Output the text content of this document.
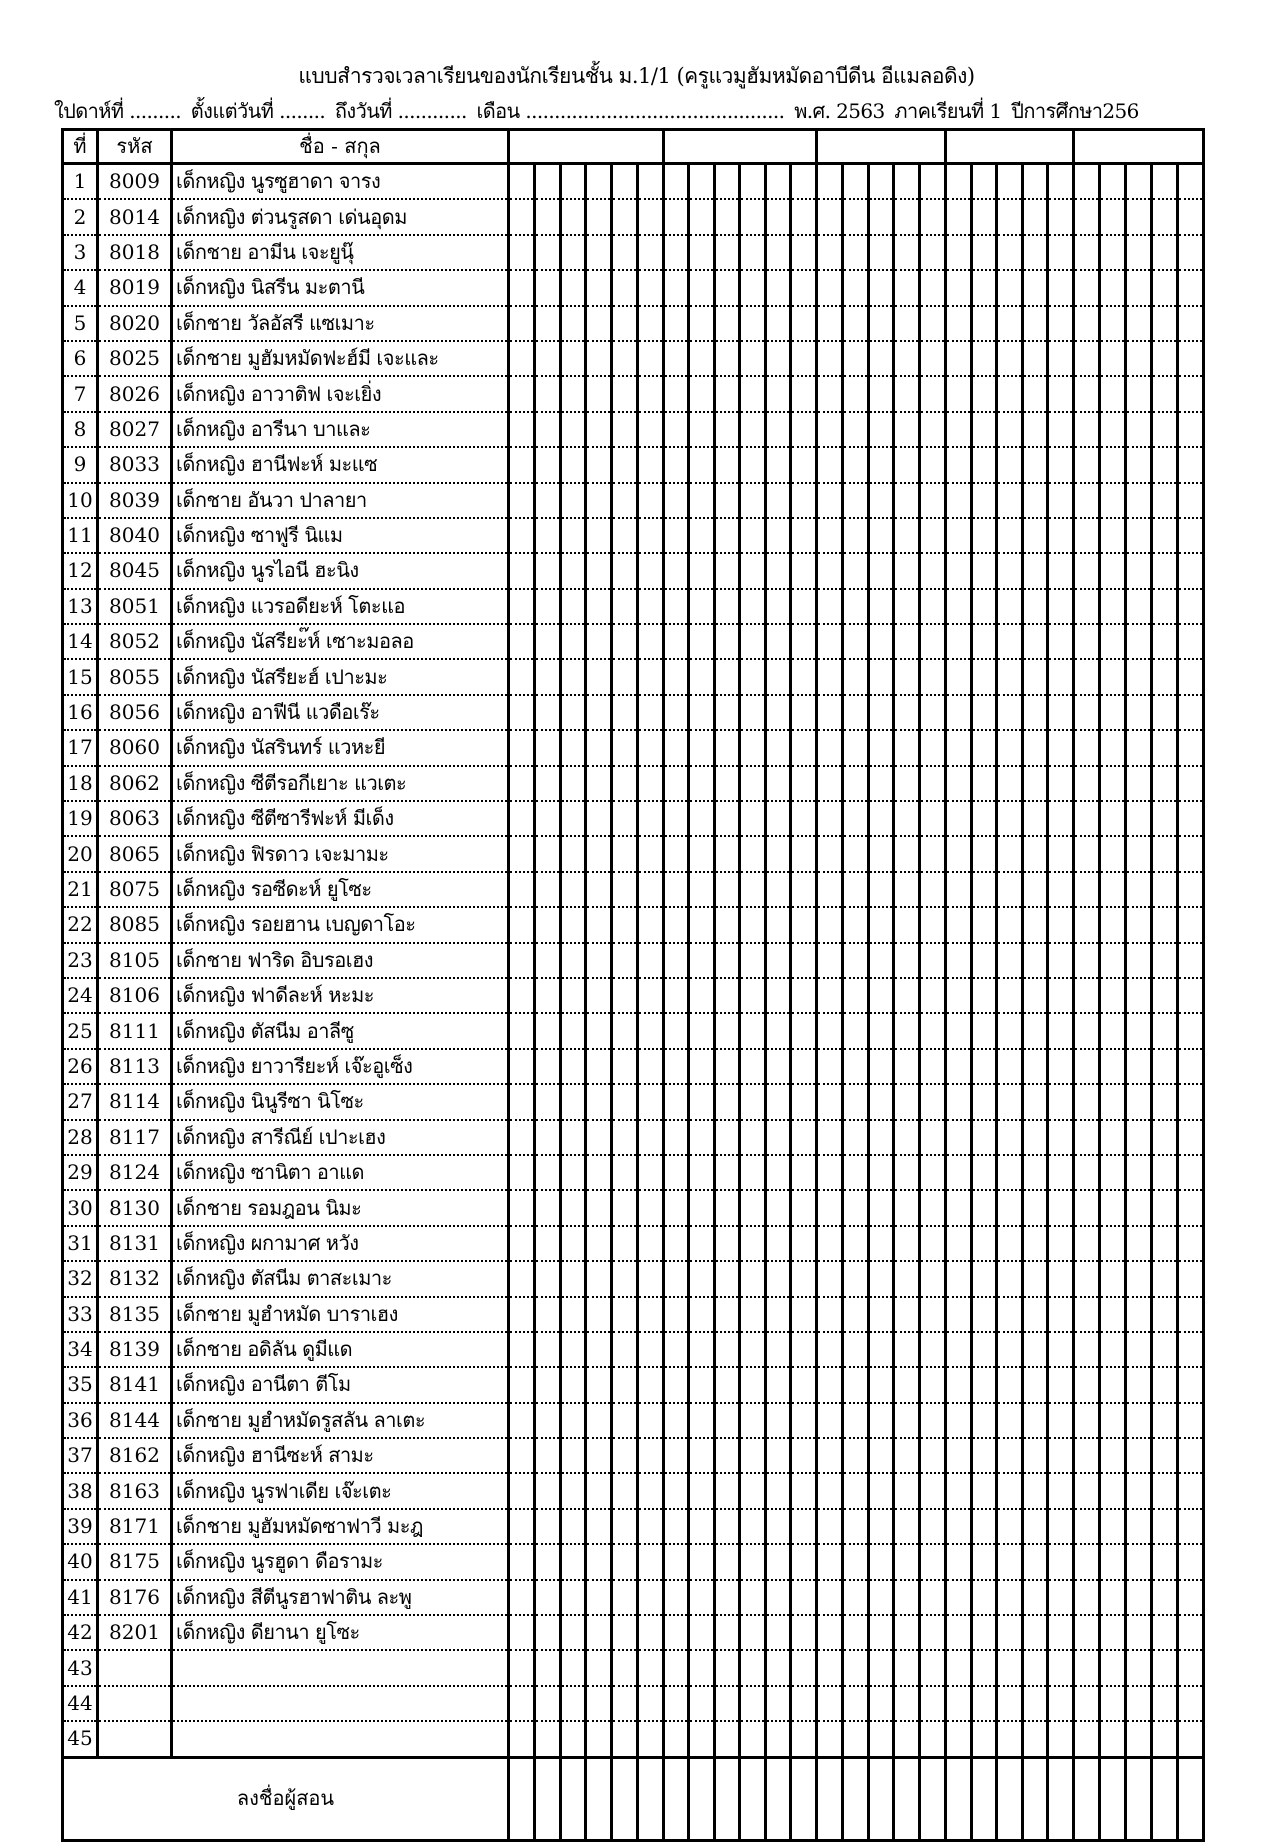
แบบสำรวจเวลาเรียนของนักเรียนชั้น ม.1/1 (ครูแวมูฮัมหมัดอาบีดีน อีแมลอดิง)
ใปดาห์ที่ ......... ตั้งแต่วันที่ ........ ถึงวันที่ ............ เดือน ............................................. พ.ศ. 2563 ภาคเรียนที่ 1 ปีการศึกษา256
ที่	รหัส	ชื่อ - สกุล																											
1	8009	เด็กหญิง นูรซูฮาดา จารง																											
2	8014	เด็กหญิง ต่วนรูสดา เด่นอุดม																											
3	8018	เด็กชาย อามีน เจะยูนุ๊																											
4	8019	เด็กหญิง นิสรีน มะตานี																											
5	8020	เด็กชาย วัลอัสรี แซเมาะ																											
6	8025	เด็กชาย มูฮัมหมัดฟะฮ์มี เจะและ																											
7	8026	เด็กหญิง อาวาติฟ เจะเยิ่ง																											
8	8027	เด็กหญิง อารีนา บาและ																											
9	8033	เด็กหญิง ฮานีฟะห์ มะแซ																											
10	8039	เด็กชาย อันวา ปาลายา																											
11	8040	เด็กหญิง ซาฟูรี นิแม																											
12	8045	เด็กหญิง นูรไอนี ฮะนิง																											
13	8051	เด็กหญิง แวรอดียะห์ โตะแอ																											
14	8052	เด็กหญิง นัสรียะ๊ห์ เซาะมอลอ																											
15	8055	เด็กหญิง นัสรียะฮ์ เปาะมะ																											
16	8056	เด็กหญิง อาฟีนี แวดือเร๊ะ																											
17	8060	เด็กหญิง นัสรินทร์ แวหะยี																											
18	8062	เด็กหญิง ซีตีรอกีเยาะ แวเตะ																											
19	8063	เด็กหญิง ซีตีซารีฟะห์ มีเด็ง																											
20	8065	เด็กหญิง ฟิรดาว เจะมามะ																											
21	8075	เด็กหญิง รอซีดะห์ ยูโซะ																											
22	8085	เด็กหญิง รอยฮาน เบญดาโอะ																											
23	8105	เด็กชาย ฟาริด อิบรอเฮง																											
24	8106	เด็กหญิง ฟาดีละห์ หะมะ																											
25	8111	เด็กหญิง ตัสนีม อาลีซู																											
26	8113	เด็กหญิง ยาวารียะห์ เจ๊ะอูเซ็ง																											
27	8114	เด็กหญิง นินูรีซา นิโซะ																											
28	8117	เด็กหญิง สารีณีย์ เปาะเฮง																											
29	8124	เด็กหญิง ซานิตา อาแด																											
30	8130	เด็กชาย รอมฎอน นิมะ																											
31	8131	เด็กหญิง ผกามาศ หวัง																											
32	8132	เด็กหญิง ตัสนีม ตาสะเมาะ																											
33	8135	เด็กชาย มูฮำหมัด บาราเฮง																											
34	8139	เด็กชาย อดิลัน ดูมีแด																											
35	8141	เด็กหญิง อานีตา ตีโม																											
36	8144	เด็กชาย มูฮำหมัดรูสลัน ลาเตะ																											
37	8162	เด็กหญิง ฮานีซะห์ สามะ																											
38	8163	เด็กหญิง นูรฟาเดีย เจ๊ะเตะ																											
39	8171	เด็กชาย มูฮัมหมัดซาฟาวี มะฎ																											
40	8175	เด็กหญิง นูรฮูดา ดือรามะ																											
41	8176	เด็กหญิง สีตีนูรฮาฟาติน ละพู																											
42	8201	เด็กหญิง ดียานา ยูโซะ																											
43																													
44																													
45																													
ลงชื่อผู้สอน																													
